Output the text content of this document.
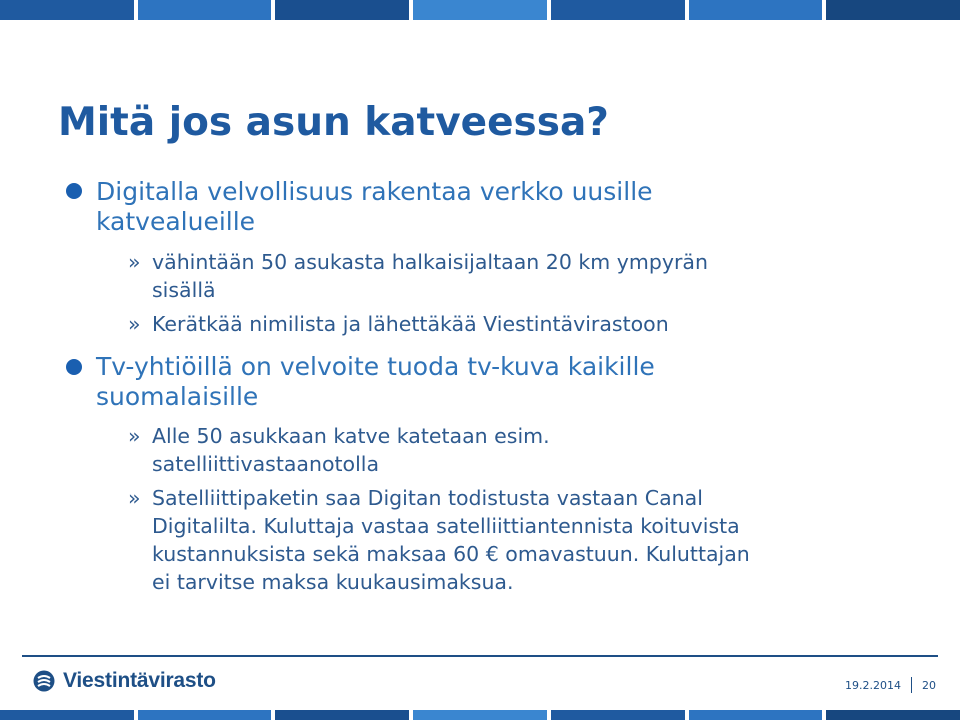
Mitä jos asun katveessa?
Digitalla velvollisuus rakentaa verkko uusille
katvealueille
» vähintään 50 asukasta halkaisijaltaan 20 km ympyrän
sisällä
» Kerätkää nimilista ja lähettäkää Viestintävirastoon
Tv-yhtiöillä on velvoite tuoda tv-kuva kaikille
suomalaisille
» Alle 50 asukkaan katve katetaan esim.
satelliittivastaanotolla
» Satelliittipaketin saa Digitan todistusta vastaan Canal
Digitalilta. Kuluttaja vastaa satelliittiantennista koituvista
kustannuksista sekä maksaa 60 € omavastuun. Kuluttajan
ei tarvitse maksa kuukausimaksua.
Viestintävirasto	19.2.2014 20
